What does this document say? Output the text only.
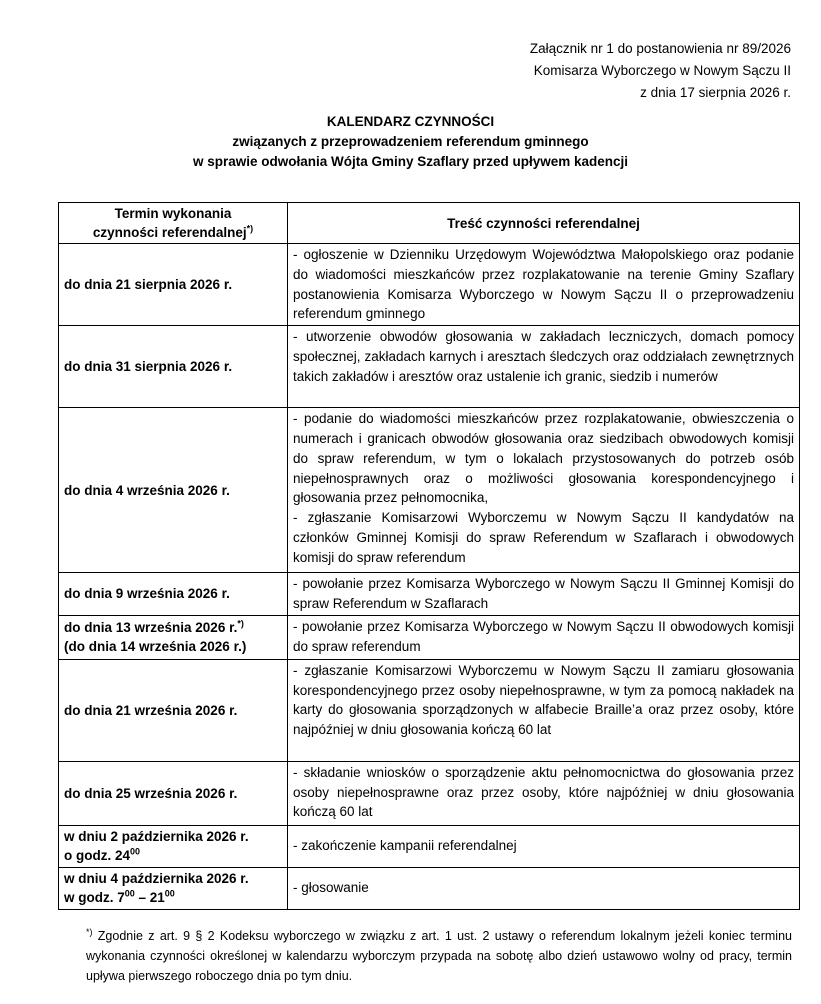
Załącznik nr 1 do postanowienia nr 89/2026
Komisarza Wyborczego w Nowym Sączu II
z dnia 17 sierpnia 2026 r.
KALENDARZ CZYNNOŚCI
związanych z przeprowadzeniem referendum gminnego
w sprawie odwołania Wójta Gminy Szaflary przed upływem kadencji
Termin wykonania
czynności referendalnej*)	Treść czynności referendalnej
do dnia 21 sierpnia 2026 r.	- ogłoszenie w Dzienniku Urzędowym Województwa Małopolskiego oraz podanie do wiadomości mieszkańców przez rozplakatowanie na terenie Gminy Szaflary postanowienia Komisarza Wyborczego w Nowym Sączu II o przeprowadzeniu referendum gminnego

do dnia 31 sierpnia 2026 r.	- utworzenie obwodów głosowania w zakładach leczniczych, domach pomocy społecznej, zakładach karnych i aresztach śledczych oraz oddziałach zewnętrznych takich zakładów i aresztów oraz ustalenie ich granic, siedzib i numerów

do dnia 4 września 2026 r.	- podanie do wiadomości mieszkańców przez rozplakatowanie, obwieszczenia o numerach i granicach obwodów głosowania oraz siedzibach obwodowych komisji do spraw referendum, w tym o lokalach przystosowanych do potrzeb osób niepełnosprawnych oraz o możliwości głosowania korespondencyjnego i głosowania przez pełnomocnika,
- zgłaszanie Komisarzowi Wyborczemu w Nowym Sączu II kandydatów na członków Gminnej Komisji do spraw Referendum w Szaflarach i obwodowych komisji do spraw referendum

do dnia 9 września 2026 r.	- powołanie przez Komisarza Wyborczego w Nowym Sączu II Gminnej Komisji do spraw Referendum w Szaflarach

do dnia 13 września 2026 r.*)
(do dnia 14 września 2026 r.)	- powołanie przez Komisarza Wyborczego w Nowym Sączu II obwodowych komisji do spraw referendum

do dnia 21 września 2026 r.	- zgłaszanie Komisarzowi Wyborczemu w Nowym Sączu II zamiaru głosowania korespondencyjnego przez osoby niepełnosprawne, w tym za pomocą nakładek na karty do głosowania sporządzonych w alfabecie Braille’a oraz przez osoby, które najpóźniej w dniu głosowania kończą 60 lat

do dnia 25 września 2026 r.	- składanie wniosków o sporządzenie aktu pełnomocnictwa do głosowania przez osoby niepełnosprawne oraz przez osoby, które najpóźniej w dniu głosowania kończą 60 lat

w dniu 2 października 2026 r.
o godz. $24^{00}$	- zakończenie kampanii referendalnej

w dniu 4 października 2026 r.
w godz. $7^{00} - 21^{00}$	- głosowanie
*) Zgodnie z art. 9 § 2 Kodeksu wyborczego w związku z art. 1 ust. 2 ustawy o referendum lokalnym jeżeli koniec terminu wykonania czynności określonej w kalendarzu wyborczym przypada na sobotę albo dzień ustawowo wolny od pracy, termin upływa pierwszego roboczego dnia po tym dniu.
